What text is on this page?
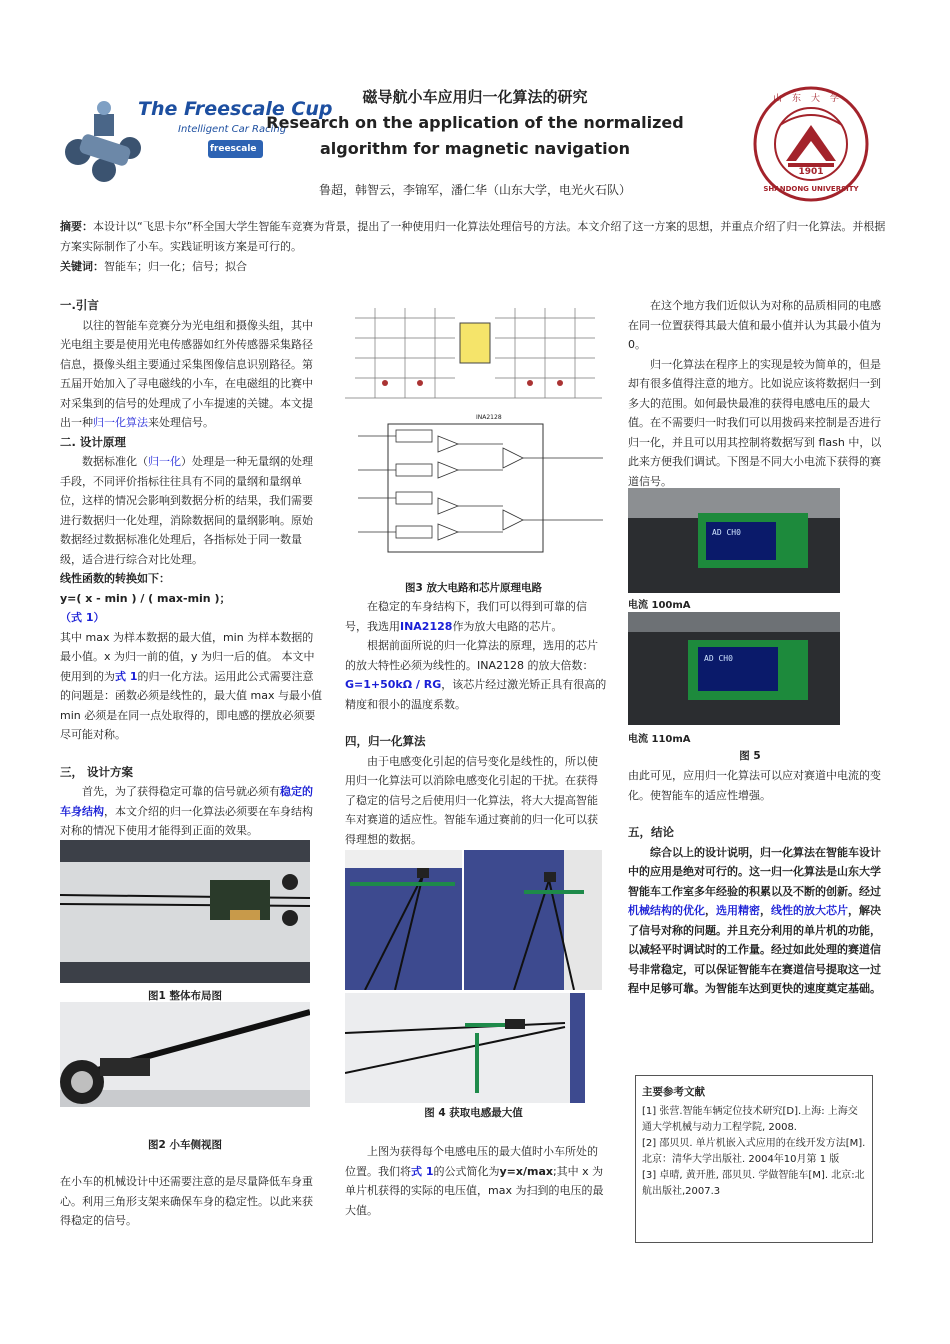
The Freescale Cup
Intelligent Car Racing
freescale
1901
SHANDONG UNIVERSITY
山东大学
磁导航小车应用归一化算法的研究
Research on the application of the normalized
algorithm for magnetic navigation
鲁超，韩智云，李锦军，潘仁华（山东大学，电光火石队）
摘要：本设计以“飞思卡尔”杯全国大学生智能车竞赛为背景，提出了一种使用归一化算法处理信号的方法。本文介绍了这一方案的思想，并重点介绍了归一化算法。并根据方案实际制作了小车。实践证明该方案是可行的。
关键词：智能车；归一化；信号；拟合
一.引言

以往的智能车竞赛分为光电组和摄像头组，其中光电组主要是使用光电传感器如红外传感器采集路径信息，摄像头组主要通过采集图像信息识别路径。第五届开始加入了寻电磁线的小车，在电磁组的比赛中对采集到的信号的处理成了小车提速的关键。本文提出一种归一化算法来处理信号。

二. 设计原理

数据标准化（归一化）处理是一种无量纲的处理手段，不同评价指标往往具有不同的量纲和量纲单位，这样的情况会影响到数据分析的结果，我们需要进行数据归一化处理，消除数据间的量纲影响。原始数据经过数据标准化处理后，各指标处于同一数量级，适合进行综合对比处理。

线性函数的转换如下：
y=( x - min ) / ( max-min )；
（式 1）
其中 max 为样本数据的最大值，min 为样本数据的最小值。x 为归一前的值，y 为归一后的值。 本文中使用到的为式 1的归一化方法。运用此公式需要注意的问题是：函数必须是线性的，最大值 max 与最小值 min 必须是在同一点处取得的，即电感的摆放必须要尽可能对称。
三， 设计方案

首先，为了获得稳定可靠的信号就必须有稳定的车身结构，本文介绍的归一化算法必须要在车身结构对称的情况下使用才能得到正面的效果。

图1 整体布局图
图2 小车侧视图
在小车的机械设计中还需要注意的是尽量降低车身重心。利用三角形支架来确保车身的稳定性。以此来获得稳定的信号。
INA2128
图3 放大电路和芯片原理电路

在稳定的车身结构下，我们可以得到可靠的信号，我选用INA2128作为放大电路的芯片。

根据前面所说的归一化算法的原理，选用的芯片的放大特性必须为线性的。INA2128 的放大倍数：G=1+50kΩ / RG，该芯片经过激光矫正具有很高的精度和很小的温度系数。

四，归一化算法

由于电感变化引起的信号变化是线性的，所以使用归一化算法可以消除电感变化引起的干扰。在获得了稳定的信号之后使用归一化算法，将大大提高智能车对赛道的适应性。智能车通过赛前的归一化可以获得理想的数据。

图 4 获取电感最大值

上图为获得每个电感电压的最大值时小车所处的位置。我们将式 1的公式简化为y=x/max;其中 x 为单片机获得的实际的电压值，max 为扫到的电压的最大值。

在这个地方我们近似认为对称的品质相同的电感在同一位置获得其最大值和最小值并认为其最小值为 0。

归一化算法在程序上的实现是较为简单的，但是却有很多值得注意的地方。比如说应该将数据归一到多大的范围。如何最快最准的获得电感电压的最大值。在不需要归一时我们可以用拨码来控制是否进行归一化，并且可以用其控制将数据写到 flash 中，以此来方便我们调试。下图是不同大小电流下获得的赛道信号。

AD CH0
电流 100mA
AD CH0
电流 110mA
图 5
由此可见，应用归一化算法可以应对赛道中电流的变化。使智能车的适应性增强。
五，结论

综合以上的设计说明，归一化算法在智能车设计中的应用是绝对可行的。这一归一化算法是山东大学智能车工作室多年经验的积累以及不断的创新。经过机械结构的优化，选用精密，线性的放大芯片，解决了信号对称的问题。并且充分利用的单片机的功能，以减轻平时调试时的工作量。经过如此处理的赛道信号非常稳定，可以保证智能车在赛道信号提取这一过程中足够可靠。为智能车达到更快的速度奠定基础。

主要参考文献
[1] 张营.智能车辆定位技术研究[D].上海: 上海交通大学机械与动力工程学院, 2008.
[2] 邵贝贝. 单片机嵌入式应用的在线开发方法[M]. 北京：清华大学出版社. 2004年10月第 1 版
[3] 卓晴, 黄开胜, 邵贝贝. 学做智能车[M]. 北京:北航出版社,2007.3
